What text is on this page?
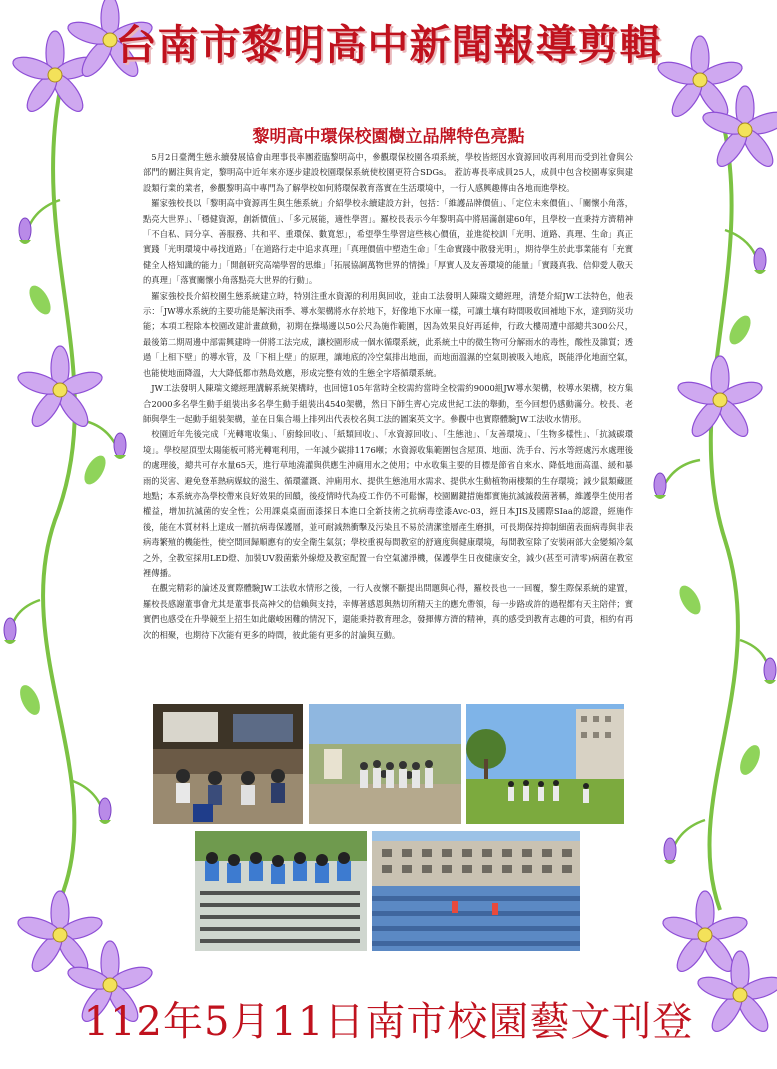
台南市黎明高中新聞報導剪輯
黎明高中環保校園樹立品牌特色亮點

5月2日臺灣生態永續發展協會由理事長率團蒞臨黎明高中，參觀環保校園各項系統，學校皆經因水資源回收再利用而受到社會與公部門的關注與肯定，黎明高中近年來亦逐步建設校園環保系統使校園更符合SDGs。 蒞訪專長率成員25人，成員中包含校園專家與建設類行業的業者，參觀黎明高中專門為了解學校如何將環保教育落實在生活環境中，一行人感興趣傳由各地而進學校。

羅家強校長以「黎明高中資源再生與生態系統」介紹學校永續建設方針，包括：「維護品牌價值」、「定位未來價值」、「關懷小角落，點亮大世界」、「穩健資源，創新價值」、「多元展能，適性學習」。羅校長表示今年黎明高中將屆滿創建60年，且學校一直秉持方濟精神「不自私、同分享、善服務、共和平、重環保、數寬恕」，希望學生學習這些核心價值，並進從校訓「光明、道路、真理、生命」真正實踐「光明環境中尋找道路」「在道路行走中追求真理」「真理價值中塑造生命」「生命實踐中散發光明」，期待學生於此事業能有「充實健全人格知識的能力」「開創研究高端學習的思維」「拓展協調萬物世界的情操」「厚實人及友善環境的能量」「實踐真我、信仰愛人敬天的真理」「落實關懷小角落點亮大世界的行動」。

羅家強校長介紹校園生態系統建立時，特別注重水資源的利用與回收，並由工法發明人陳瑞文總經理，清楚介紹JW工法特色，他表示：「JW導水系統的主要功能是解決雨季、導水架構將水存於地下，好像地下水庫一樣，可讓土壤有時間吸收回補地下水，達到防災功能；本項工程除本校園改建計畫啟動，初期在操場邊以50公尺為施作範圍，因為效果良好再延伸，行政大樓周遭中部總共300公尺，最後第二期周邊中部需興建時一併將工法完成，讓校園形成一個水循環系統，此系統土中的微生物可分解雨水的毒性，酸性及雜質；透過「上相下壁」的導水管，及「下相上壁」的原理，讓地底的冷空氣排出地面，而地面溫濕的空氣則被吸入地底，既能淨化地面空氣，也能使地面降溫，大大降低都市熱島效應，形成完整有效的生態全字塔循環系統。

JW工法發明人陳瑞文總經理講解系統架構時，也回憶105年當時全校需約當時全校需約9000組JW導水架構，校導水架構，校方集合2000多名學生動手組裝出多名學生動手組裝出4540架構，然日下師生齊心完成世紀工法的舉動，至今回想仍感動滿分。校長、老師與學生一起動手組裝架構，並在日集合場上排列出代表校名與工法的圖案英文字。參觀中也實際體驗JW工法收水情形。

校園近年先後完成「光轉電收集」、「廚餘回收」、「紙類回收」、「水資源回收」、「生態池」、「友善環境」、「生物多樣性」、「抗減碳環境」。學校屋頂型太陽能板可將光轉電利用，一年減少碳排1176噸；水資源收集範圍包含屋頂、地面、洗手台、污水等經處污水處理後的處理後，總共可存水量65天，進行草地澆灌與供應生沖廁用水之使用；中水收集主要的目標是節省自來水、降低地面高溫、緩和暴雨的災害、避免登革熱病媒蚊的滋生、循環灌溉、沖廁用水、提供生態池用水需求、提供水生動植物兩棲類的生存環境；減少鼠類藏匿地點；本系統亦為學校帶來良好效果的回饋，後疫情時代為疫工作仍不可鬆懈，校園關鍵措施都實施抗減滅殺菌著稱，維護學生使用者權益，增加抗滅菌的安全性；公用課桌桌面面漆採日本進口全新技術之抗病毒塗漆Avc-03，經日本JIS及國際SIaa的認證，經施作後，能在木質材料上達成一層抗病毒保護層，並可耐減熱衝擊及污染且不易於清潔塗層產生磨損，可長期保持抑制細菌表面病毒與非表病毒繁殖的機能性，使空間回歸順應有的安全衛生氣氛；學校重視每間教室的舒適度與健康環境，每間教室除了安裝兩部大金變頻冷氣之外，全教室採用LED燈、加裝UV殺菌紫外線燈及教室配置一台空氣濾淨機，保護學生日夜健康安全，減少(甚至可清零)病菌在教室裡傳播。

在觀完精彩的論述及實際體驗JW工法收水情形之後，一行人夜懷不斷提出問題與心得，羅校長也一一回覆，黎生際保系統的建置，羅校長感謝董事會尤其是董事長高神父的信賴與支持，幸傳著感恩與熱切所精天主的應允帶領，每一步路或許的過程都有天主陪伴；實實們也感受在升學競至上招生如此嚴峻困難的情況下，還能秉持教育理念，發揮傳方濟的精神，真的感受到教育志趣的可貴，相約有再次的相聚，也期待下次能有更多的時間，彼此能有更多的討論與互動。

112年5月11日南市校園藝文刊登
